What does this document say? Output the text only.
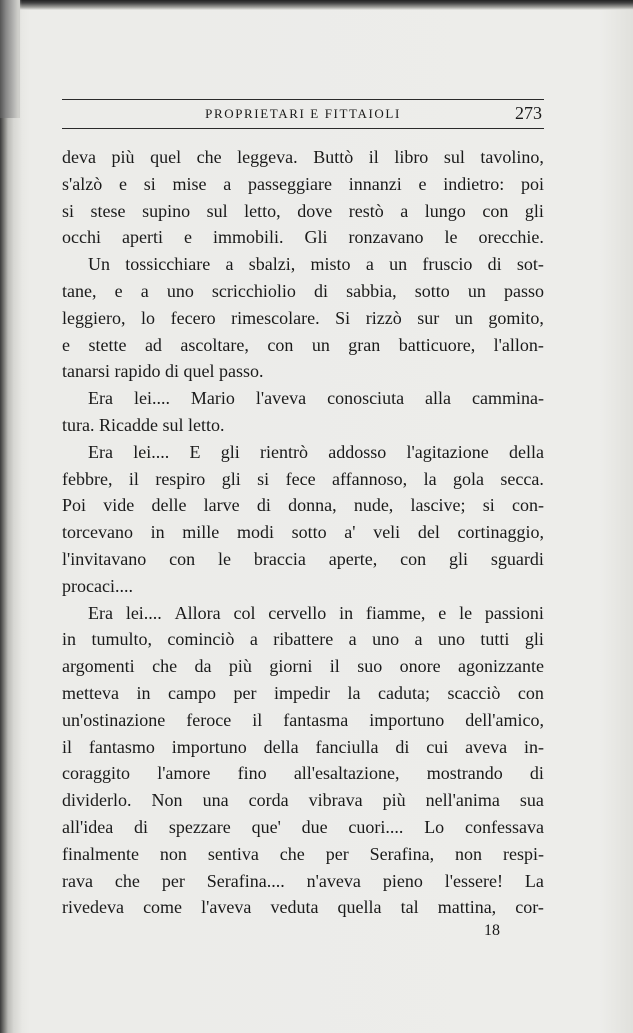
PROPRIETARI E FITTAIOLI	273
deva più quel che leggeva. Buttò il libro sul tavolino,
s'alzò e si mise a passeggiare innanzi e indietro: poi
si stese supino sul letto, dove restò a lungo con gli
occhi aperti e immobili. Gli ronzavano le orecchie.
Un tossicchiare a sbalzi, misto a un fruscio di sot-
tane, e a uno scricchiolio di sabbia, sotto un passo
leggiero, lo fecero rimescolare. Si rizzò sur un gomito,
e stette ad ascoltare, con un gran batticuore, l'allon-
tanarsi rapido di quel passo.
Era lei.... Mario l'aveva conosciuta alla cammina-
tura. Ricadde sul letto.
Era lei.... E gli rientrò addosso l'agitazione della
febbre, il respiro gli si fece affannoso, la gola secca.
Poi vide delle larve di donna, nude, lascive; si con-
torcevano in mille modi sotto a' veli del cortinaggio,
l'invitavano con le braccia aperte, con gli sguardi
procaci....
Era lei.... Allora col cervello in fiamme, e le passioni
in tumulto, cominciò a ribattere a uno a uno tutti gli
argomenti che da più giorni il suo onore agonizzante
metteva in campo per impedir la caduta; scacciò con
un'ostinazione feroce il fantasma importuno dell'amico,
il fantasmo importuno della fanciulla di cui aveva in-
coraggito l'amore fino all'esaltazione, mostrando di
dividerlo. Non una corda vibrava più nell'anima sua
all'idea di spezzare que' due cuori.... Lo confessava
finalmente non sentiva che per Serafina, non respi-
rava che per Serafina.... n'aveva pieno l'essere! La
rivedeva come l'aveva veduta quella tal mattina, cor-
18
